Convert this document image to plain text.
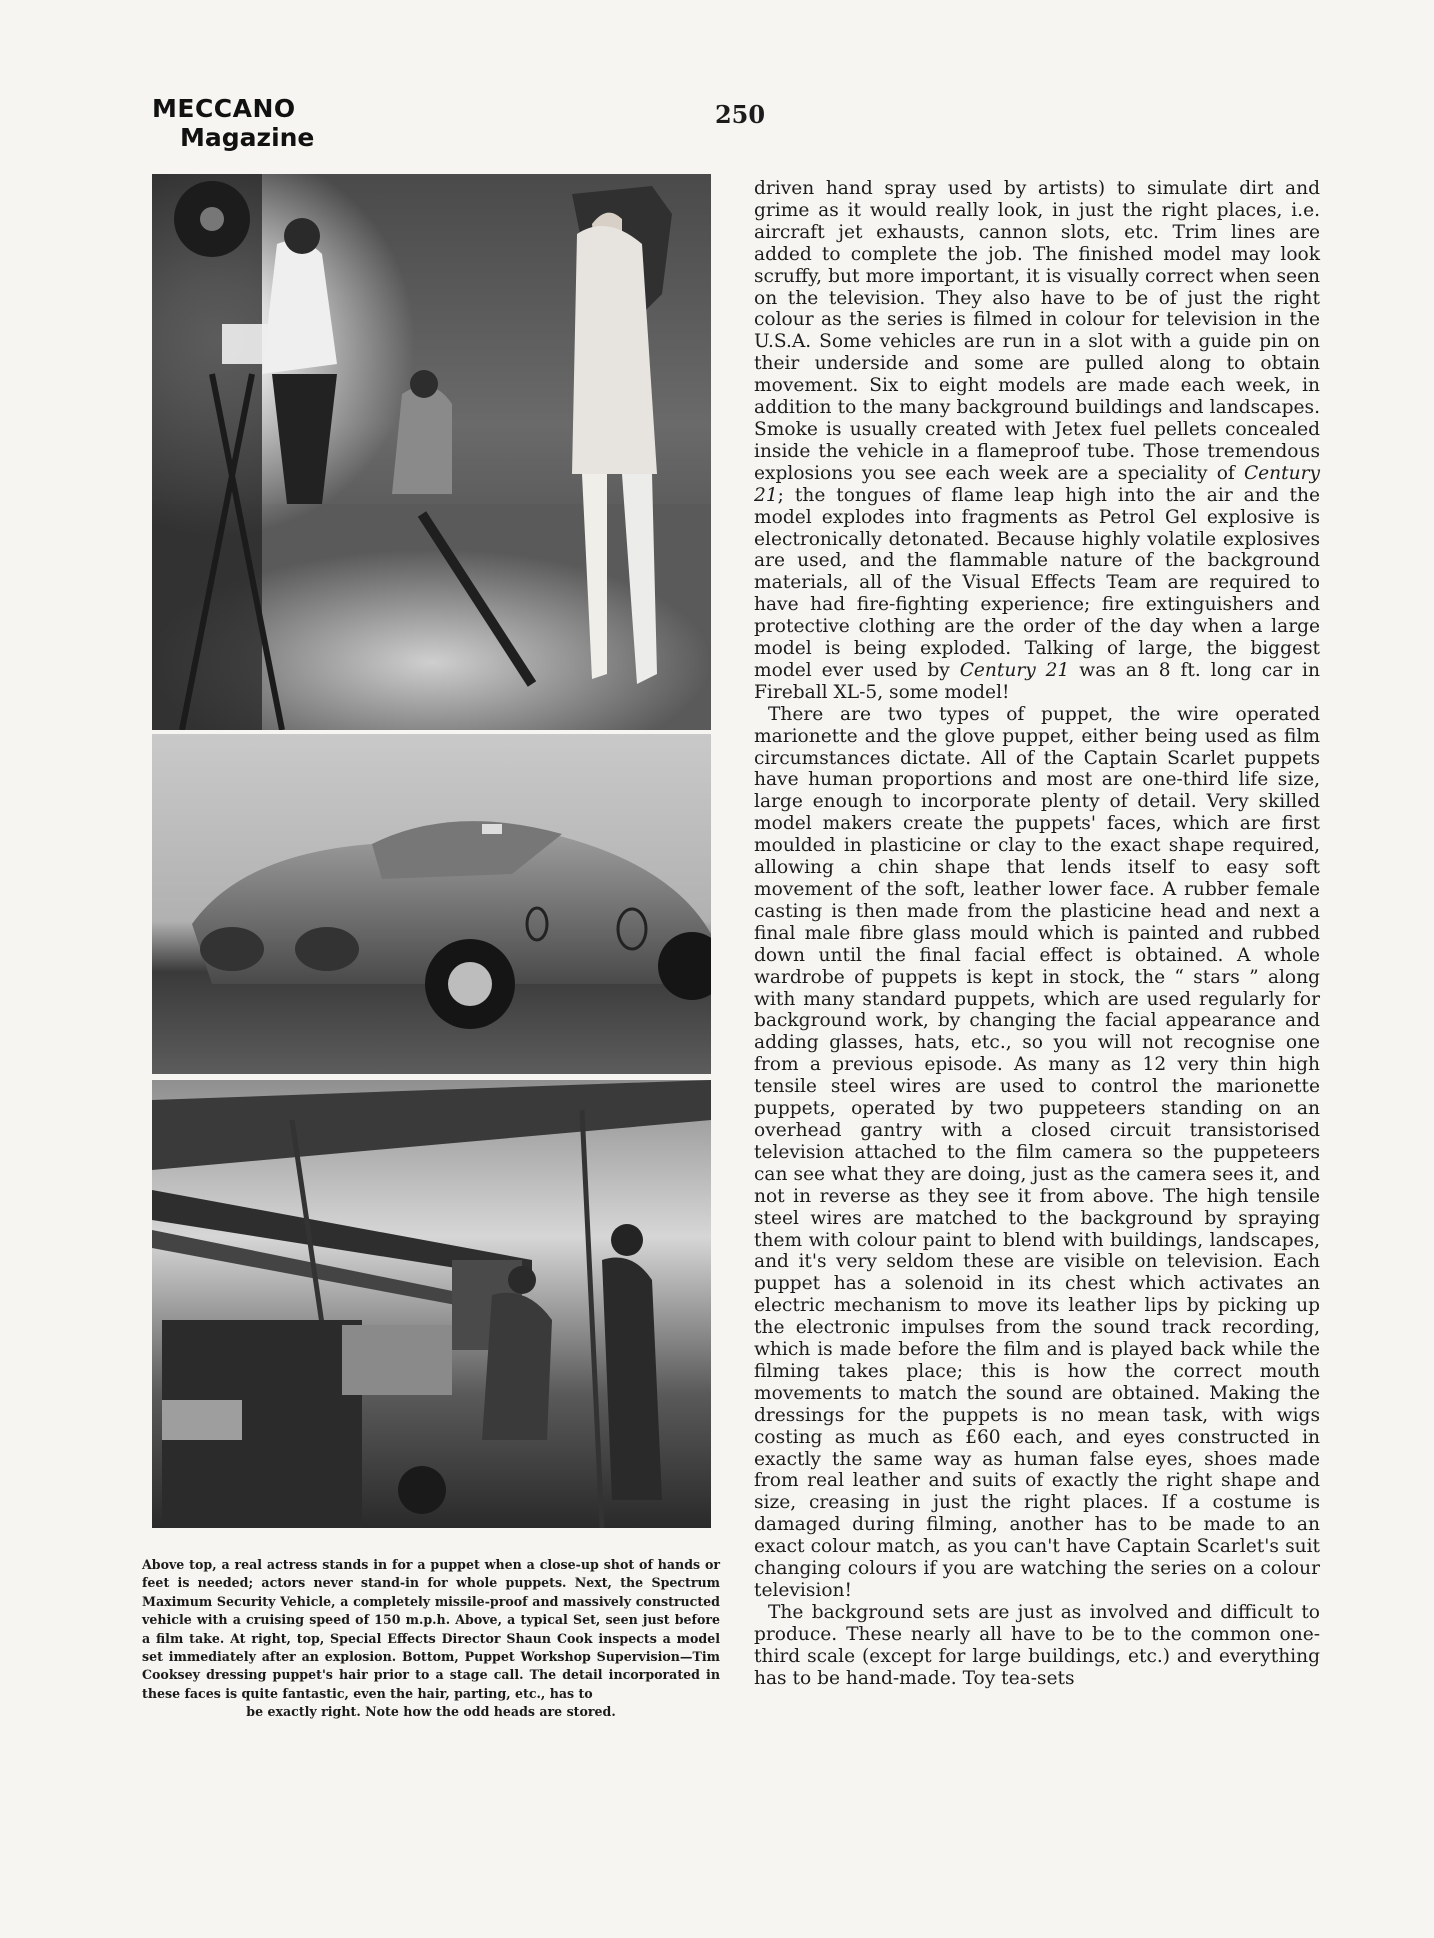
MECCANO
Magazine
250
Above top, a real actress stands in for a puppet when a close-up shot of hands or feet is needed; actors never stand-in for whole puppets. Next, the Spectrum Maximum Security Vehicle, a completely missile-proof and massively constructed vehicle with a cruising speed of 150 m.p.h. Above, a typical Set, seen just before a film take. At right, top, Special Effects Director Shaun Cook inspects a model set immediately after an explosion. Bottom, Puppet Workshop Supervision—Tim Cooksey dressing puppet's hair prior to a stage call. The detail incorporated in these faces is quite fantastic, even the hair, parting, etc., has to
be exactly right. Note how the odd heads are stored.

driven hand spray used by artists) to simulate dirt and grime as it would really look, in just the right places, i.e. aircraft jet exhausts, cannon slots, etc. Trim lines are added to complete the job. The finished model may look scruffy, but more important, it is visually correct when seen on the television. They also have to be of just the right colour as the series is filmed in colour for television in the U.S.A. Some vehicles are run in a slot with a guide pin on their underside and some are pulled along to obtain movement. Six to eight models are made each week, in addition to the many background buildings and landscapes. Smoke is usually created with Jetex fuel pellets concealed inside the vehicle in a flameproof tube. Those tremendous explosions you see each week are a speciality of Century 21; the tongues of flame leap high into the air and the model explodes into fragments as Petrol Gel explosive is electronically detonated. Because highly volatile explosives are used, and the flammable nature of the background materials, all of the Visual Effects Team are required to have had fire-fighting experience; fire extinguishers and protective clothing are the order of the day when a large model is being exploded. Talking of large, the biggest model ever used by Century 21 was an 8 ft. long car in Fireball XL-5, some model!

There are two types of puppet, the wire operated marionette and the glove puppet, either being used as film circumstances dictate. All of the Captain Scarlet puppets have human proportions and most are one-third life size, large enough to incorporate plenty of detail. Very skilled model makers create the puppets' faces, which are first moulded in plasticine or clay to the exact shape required, allowing a chin shape that lends itself to easy soft movement of the soft, leather lower face. A rubber female casting is then made from the plasticine head and next a final male fibre glass mould which is painted and rubbed down until the final facial effect is obtained. A whole wardrobe of puppets is kept in stock, the “ stars ” along with many standard puppets, which are used regularly for background work, by changing the facial appearance and adding glasses, hats, etc., so you will not recognise one from a previous episode. As many as 12 very thin high tensile steel wires are used to control the marionette puppets, operated by two puppeteers standing on an overhead gantry with a closed circuit transistorised television attached to the film camera so the puppeteers can see what they are doing, just as the camera sees it, and not in reverse as they see it from above. The high tensile steel wires are matched to the background by spraying them with colour paint to blend with buildings, landscapes, and it's very seldom these are visible on television. Each puppet has a solenoid in its chest which activates an electric mechanism to move its leather lips by picking up the electronic impulses from the sound track recording, which is made before the film and is played back while the filming takes place; this is how the correct mouth movements to match the sound are obtained. Making the dressings for the puppets is no mean task, with wigs costing as much as £60 each, and eyes constructed in exactly the same way as human false eyes, shoes made from real leather and suits of exactly the right shape and size, creasing in just the right places. If a costume is damaged during filming, another has to be made to an exact colour match, as you can't have Captain Scarlet's suit changing colours if you are watching the series on a colour television!

The background sets are just as involved and difficult to produce. These nearly all have to be to the common one-third scale (except for large buildings, etc.) and everything has to be hand-made. Toy tea-sets
